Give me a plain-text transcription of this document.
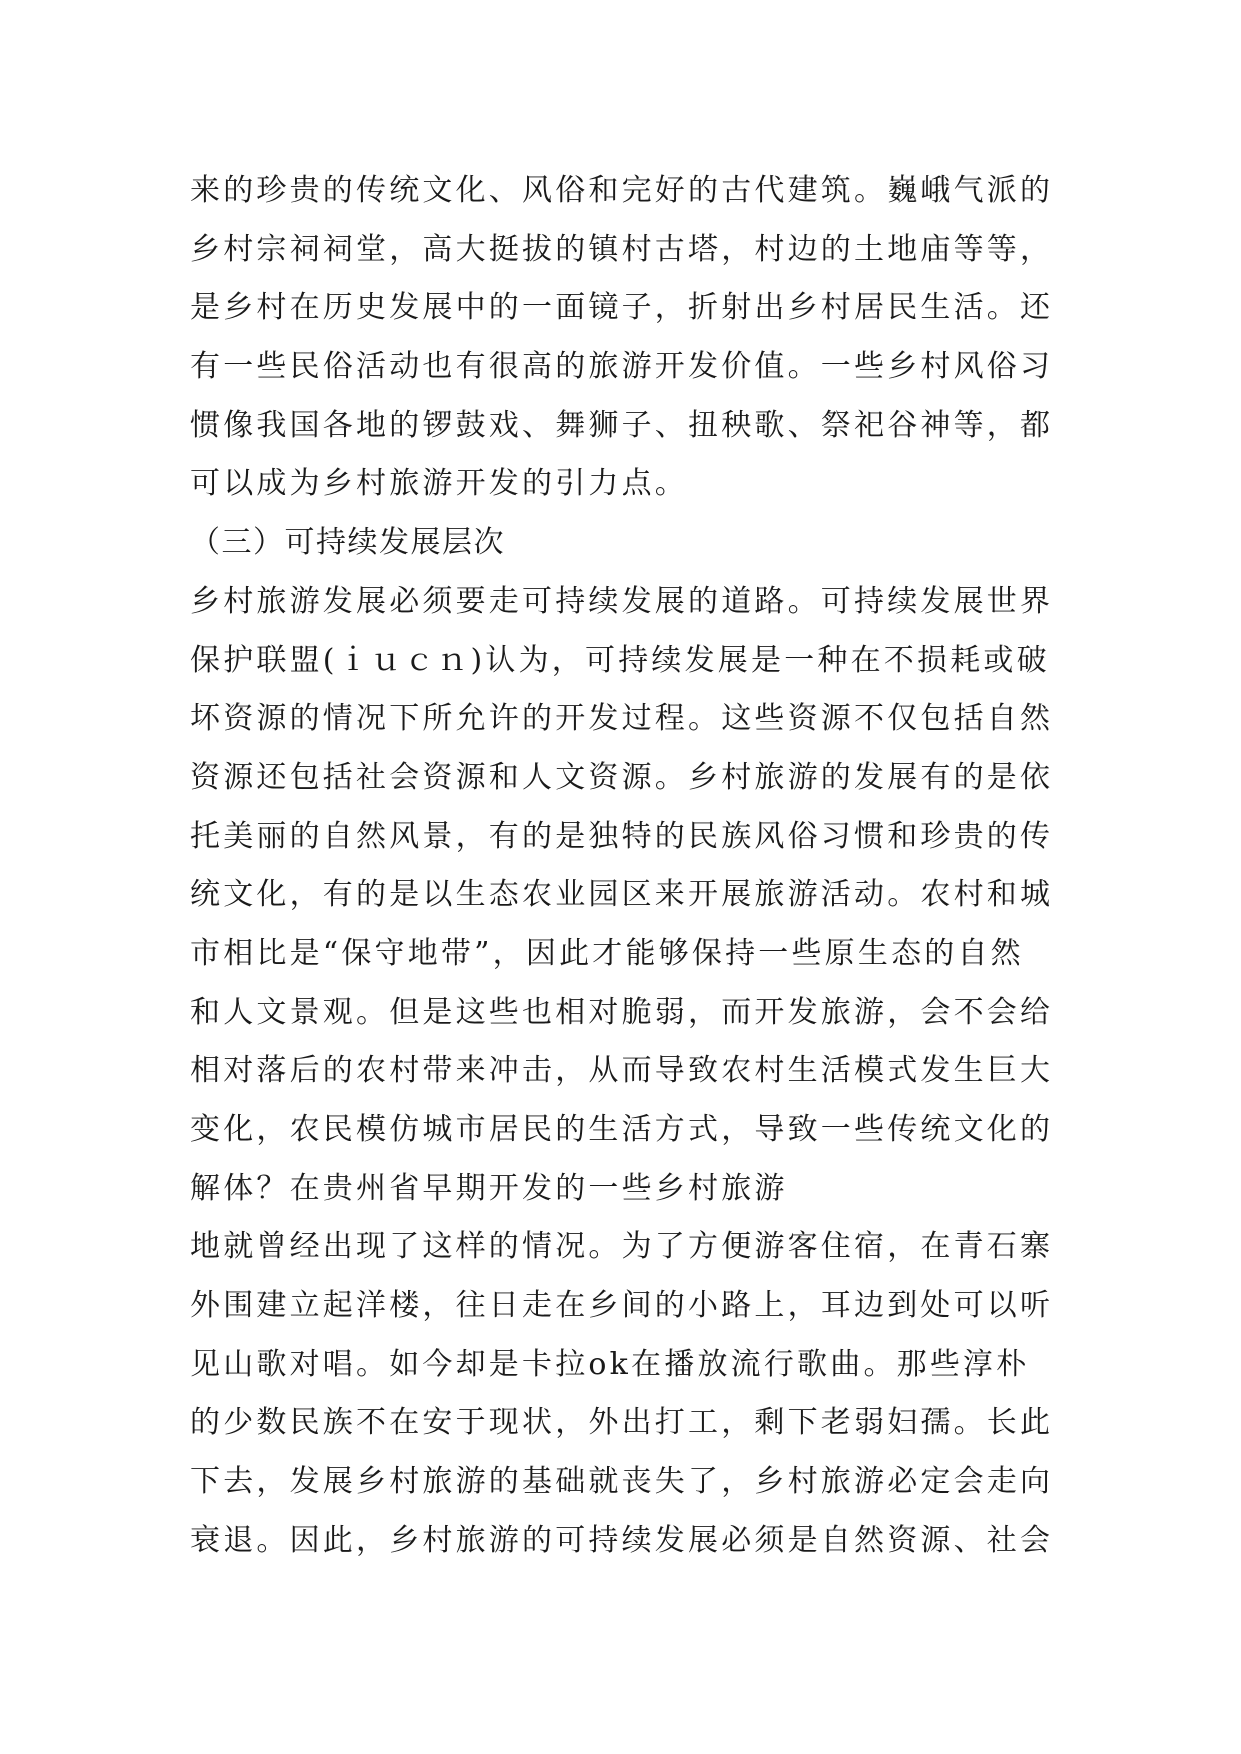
来的珍贵的传统文化、风俗和完好的古代建筑。巍峨气派的
乡村宗祠祠堂，高大挺拔的镇村古塔，村边的土地庙等等，
是乡村在历史发展中的一面镜子，折射出乡村居民生活。还
有一些民俗活动也有很高的旅游开发价值。一些乡村风俗习
惯像我国各地的锣鼓戏、舞狮子、扭秧歌、祭祀谷神等，都
可以成为乡村旅游开发的引力点。
（三）可持续发展层次
乡村旅游发展必须要走可持续发展的道路。可持续发展世界
保护联盟(ｉｕｃｎ)认为，可持续发展是一种在不损耗或破
坏资源的情况下所允许的开发过程。这些资源不仅包括自然
资源还包括社会资源和人文资源。乡村旅游的发展有的是依
托美丽的自然风景，有的是独特的民族风俗习惯和珍贵的传
统文化，有的是以生态农业园区来开展旅游活动。农村和城
市相比是“保守地带”，因此才能够保持一些原生态的自然
和人文景观。但是这些也相对脆弱，而开发旅游，会不会给
相对落后的农村带来冲击，从而导致农村生活模式发生巨大
变化，农民模仿城市居民的生活方式，导致一些传统文化的
解体？在贵州省早期开发的一些乡村旅游
地就曾经出现了这样的情况。为了方便游客住宿，在青石寨
外围建立起洋楼，往日走在乡间的小路上，耳边到处可以听
见山歌对唱。如今却是卡拉ok在播放流行歌曲。那些淳朴
的少数民族不在安于现状，外出打工，剩下老弱妇孺。长此
下去，发展乡村旅游的基础就丧失了，乡村旅游必定会走向
衰退。因此，乡村旅游的可持续发展必须是自然资源、社会
